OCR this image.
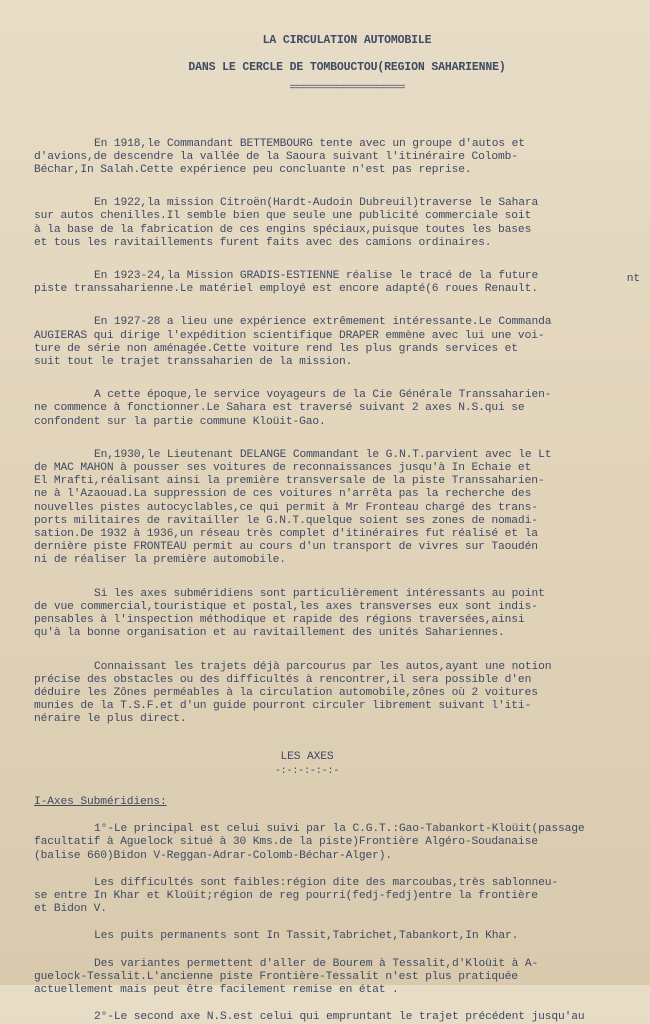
LA CIRCULATION AUTOMOBILE
DANS LE CERCLE DE TOMBOUCTOU(REGION SAHARIENNE)
=======================

En 1918,le Commandant BETTEMBOURG tente avec un groupe d'autos et

d'avions,de descendre la vallée de la Saoura suivant l'itinéraire Colomb-

Béchar,In Salah.Cette expérience peu concluante n'est pas reprise.

En 1922,la mission Citroën(Hardt-Audoin Dubreuil)traverse le Sahara

sur autos chenilles.Il semble bien que seule une publicité commerciale soit

à la base de la fabrication de ces engins spéciaux,puisque toutes les bases

et tous les ravitaillements furent faits avec des camions ordinaires.

En 1923-24,la Mission GRADIS-ESTIENNE réalise le tracé de la future

piste transsaharienne.Le matériel employé est encore adapté(6 roues Renault.

En 1927-28 a lieu une expérience extrêmement intéressante.Le Commanda

AUGIERAS qui dirige l'expédition scientifique DRAPER emmène avec lui une voi-

ture de série non aménagée.Cette voiture rend les plus grands services et

suit tout le trajet transsaharien de la mission.

A cette époque,le service voyageurs de la Cie Générale Transsaharien-

ne commence à fonctionner.Le Sahara est traversé suivant 2 axes N.S.qui se

confondent sur la partie commune Kloüit-Gao.

En,1930,le Lieutenant DELANGE Commandant le G.N.T.parvient avec le Lt

de MAC MAHON à pousser ses voitures de reconnaissances jusqu'à In Echaie et

El Mrafti,réalisant ainsi la première transversale de la piste Transsaharien-

ne à l'Azaouad.La suppression de ces voitures n'arrêta pas la recherche des

nouvelles pistes autocyclables,ce qui permit à Mr Fronteau chargé des trans-

ports militaires de ravitailler le G.N.T.quelque soient ses zones de nomadi-

sation.De 1932 à 1936,un réseau très complet d'itinéraires fut réalisé et la

dernière piste FRONTEAU permit au cours d'un transport de vivres sur Taoudén

ni de réaliser la première automobile.

Si les axes subméridiens sont particulièrement intéressants au point

de vue commercial,touristique et postal,les axes transverses eux sont indis-

pensables à l'inspection méthodique et rapide des régions traversées,ainsi

qu'à la bonne organisation et au ravitaillement des unités Sahariennes.

Connaissant les trajets déjà parcourus par les autos,ayant une notion

précise des obstacles ou des difficultés à rencontrer,il sera possible d'en

déduire les Zônes perméables à la circulation automobile,zônes où 2 voitures

munies de la T.S.F.et d'un guide pourront circuler librement suivant l'iti-

néraire le plus direct.

nt
LES AXES
-:-:-:-:-:-
I-Axes Subméridiens:

1°-Le principal est celui suivi par la C.G.T.:Gao-Tabankort-Kloüit(passage

facultatif à Aguelock situé à 30 Kms.de la piste)Frontière Algéro-Soudanaise

(balise 660)Bidon V-Reggan-Adrar-Colomb-Béchar-Alger).

Les difficultés sont faibles:région dite des marcoubas,très sablonneu-

se entre In Khar et Kloüit;région de reg pourri(fedj-fedj)entre la frontière

et Bidon V.

Les puits permanents sont In Tassit,Tabrichet,Tabankort,In Khar.

Des variantes permettent d'aller de Bourem à Tessalit,d'Kloüit à A-

guelock-Tessalit.L'ancienne piste Frontière-Tessalit n'est plus pratiquée

actuellement mais peut être facilement remise en état .

2°-Le second axe N.S.est celui qui empruntant le trajet précédent jusqu'au
